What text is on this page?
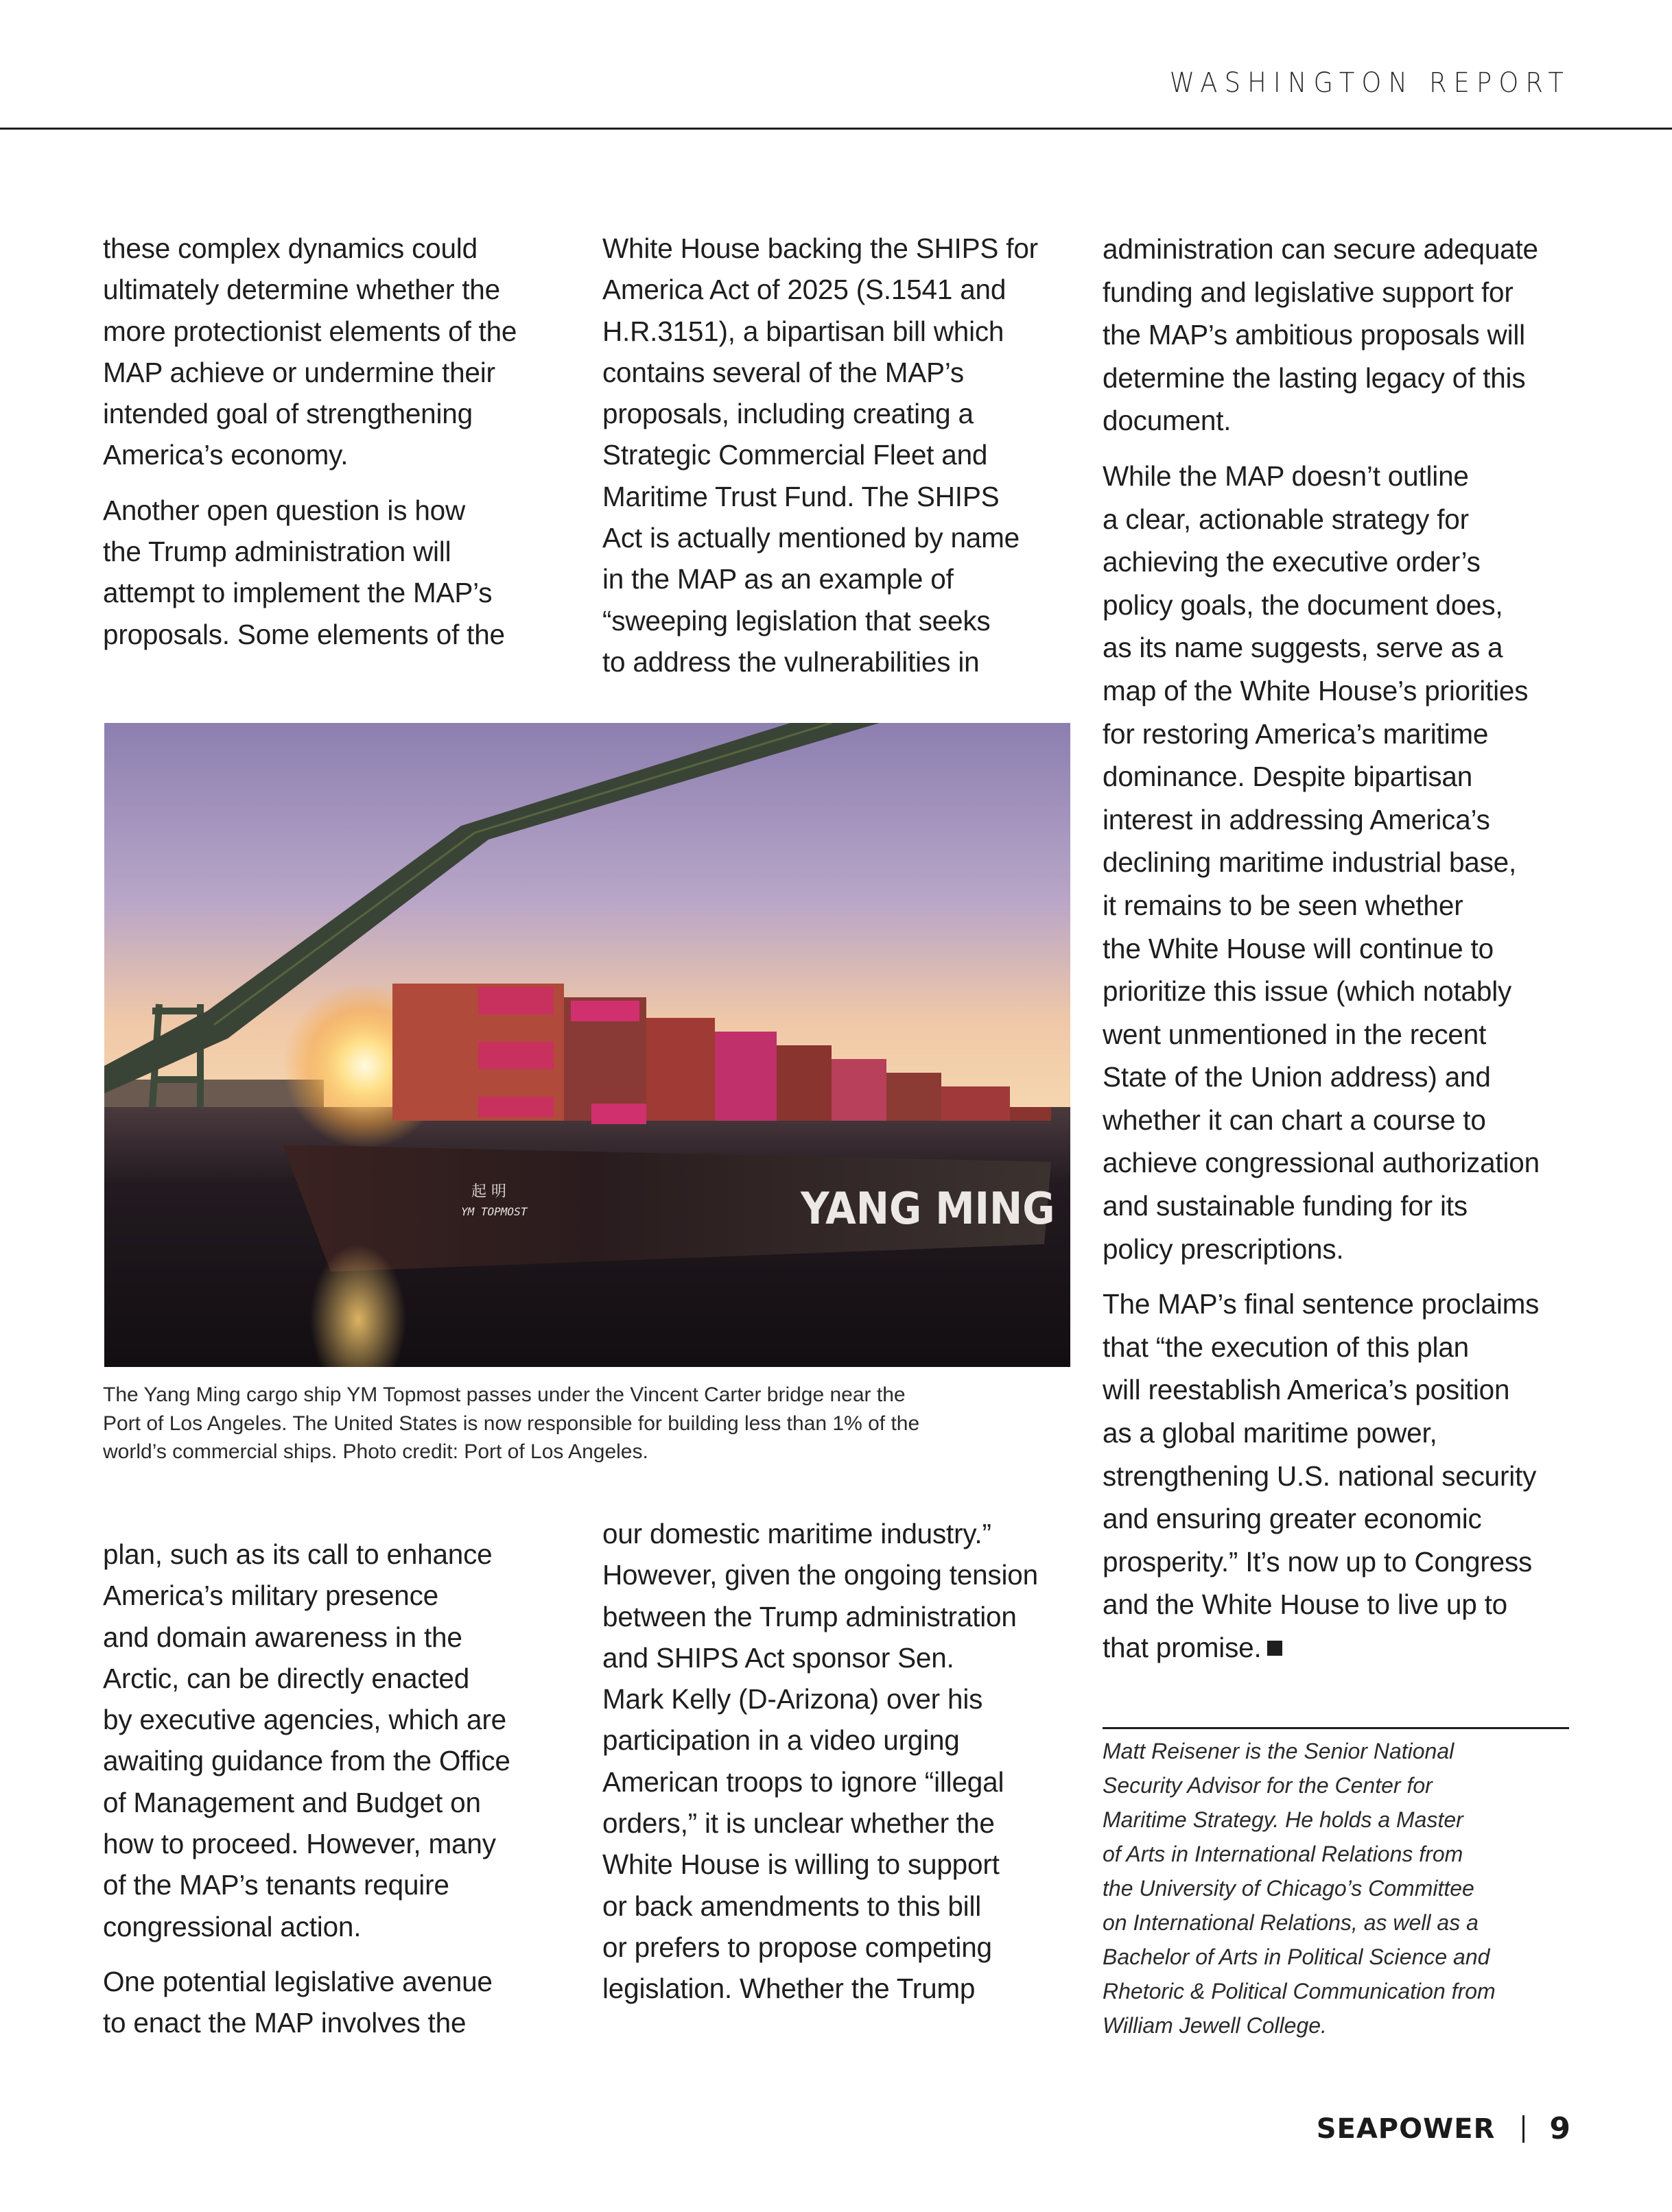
WASHINGTON REPORT

these complex dynamics could
ultimately determine whether the
more protectionist elements of the
MAP achieve or undermine their
intended goal of strengthening
America’s economy.

Another open question is how
the Trump administration will
attempt to implement the MAP’s
proposals. Some elements of the

White House backing the SHIPS for
America Act of 2025 (S.1541 and
H.R.3151), a bipartisan bill which
contains several of the MAP’s
proposals, including creating a
Strategic Commercial Fleet and
Maritime Trust Fund. The SHIPS
Act is actually mentioned by name
in the MAP as an example of
“sweeping legislation that seeks
to address the vulnerabilities in

administration can secure adequate
funding and legislative support for
the MAP’s ambitious proposals will
determine the lasting legacy of this
document.

While the MAP doesn’t outline
a clear, actionable strategy for
achieving the executive order’s
policy goals, the document does,
as its name suggests, serve as a
map of the White House’s priorities
for restoring America’s maritime
dominance. Despite bipartisan
interest in addressing America’s
declining maritime industrial base,
it remains to be seen whether
the White House will continue to
prioritize this issue (which notably
went unmentioned in the recent
State of the Union address) and
whether it can chart a course to
achieve congressional authorization
and sustainable funding for its
policy prescriptions.

The MAP’s final sentence proclaims
that “the execution of this plan
will reestablish America’s position
as a global maritime power,
strengthening U.S. national security
and ensuring greater economic
prosperity.” It’s now up to Congress
and the White House to live up to
that promise.

plan, such as its call to enhance
America’s military presence
and domain awareness in the
Arctic, can be directly enacted
by executive agencies, which are
awaiting guidance from the Office
of Management and Budget on
how to proceed. However, many
of the MAP’s tenants require
congressional action.

One potential legislative avenue
to enact the MAP involves the

our domestic maritime industry.”
However, given the ongoing tension
between the Trump administration
and SHIPS Act sponsor Sen.
Mark Kelly (D-Arizona) over his
participation in a video urging
American troops to ignore “illegal
orders,” it is unclear whether the
White House is willing to support
or back amendments to this bill
or prefers to propose competing
legislation. Whether the Trump

YANG MING
起 明
YM TOPMOST
The Yang Ming cargo ship YM Topmost passes under the Vincent Carter bridge near the
Port of Los Angeles. The United States is now responsible for building less than 1% of the
world’s commercial ships. Photo credit: Port of Los Angeles.
Matt Reisener is the Senior National
Security Advisor for the Center for
Maritime Strategy. He holds a Master
of Arts in International Relations from
the University of Chicago’s Committee
on International Relations, as well as a
Bachelor of Arts in Political Science and
Rhetoric & Political Communication from
William Jewell College.
SEAPOWER 9
